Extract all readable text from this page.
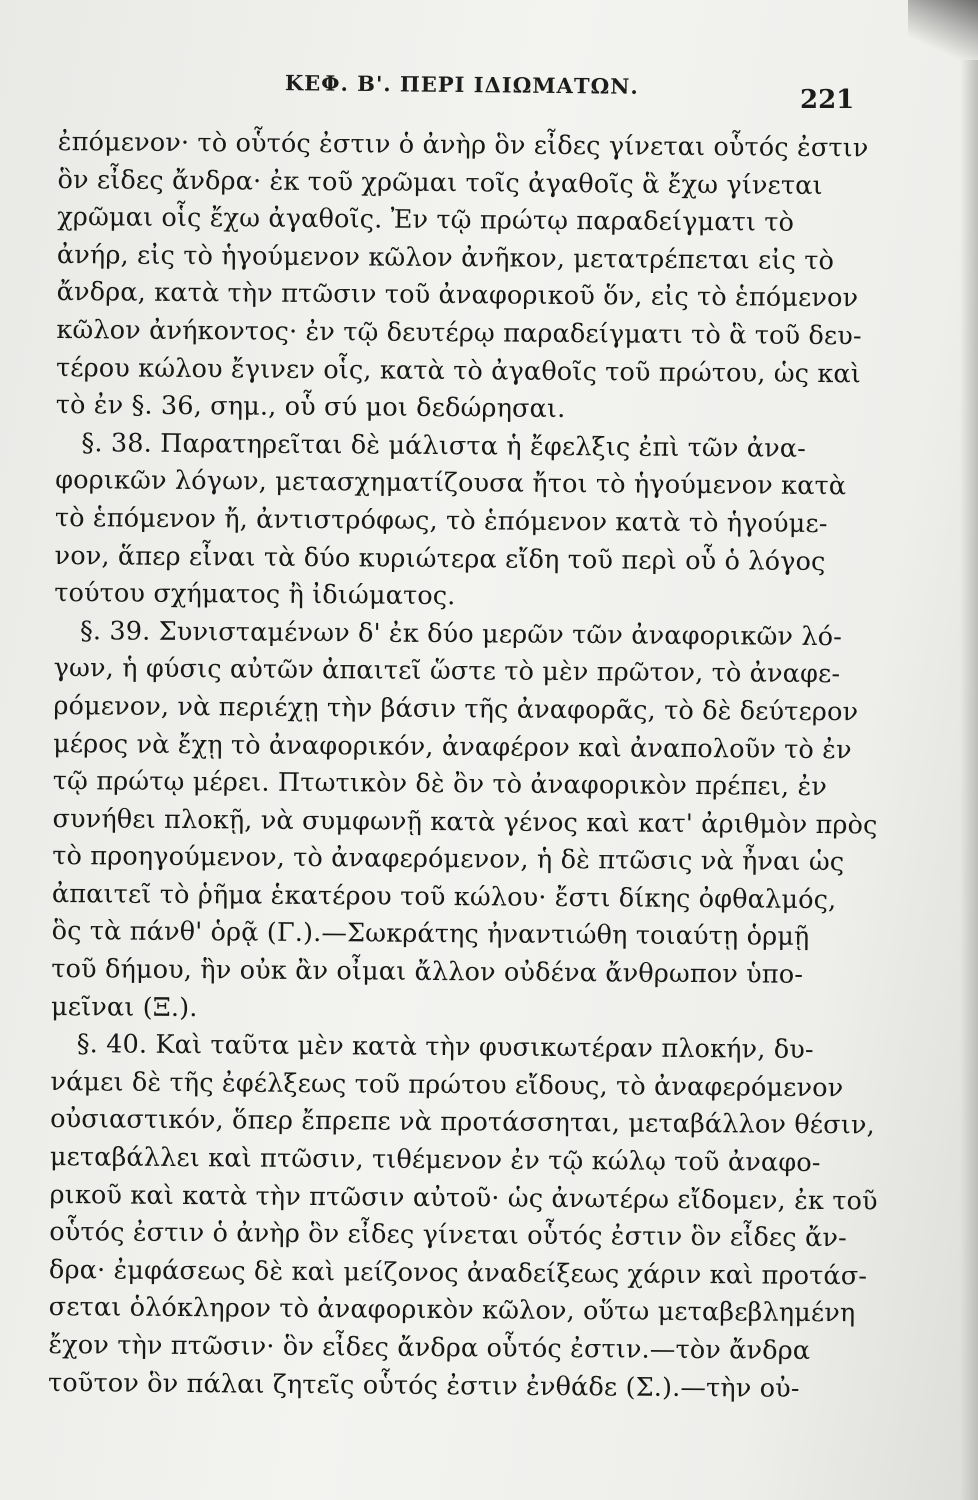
ΚΕΦ. Β'. ΠΕΡΙ ΙΔΙΩΜΑΤΩΝ.
221
ἐπόμενον· τὸ οὗτός ἐστιν ὁ ἀνὴρ ὃν εἶδες γίνεται οὗτός ἐστιν
ὃν εἶδες ἄνδρα· ἐκ τοῦ χρῶμαι τοῖς ἀγαθοῖς ἃ ἔχω γίνεται
χρῶμαι οἷς ἔχω ἀγαθοῖς. Ἐν τῷ πρώτῳ παραδείγματι τὸ
ἀνήρ, εἰς τὸ ἡγούμενον κῶλον ἀνῆκον, μετατρέπεται εἰς τὸ
ἄνδρα, κατὰ τὴν πτῶσιν τοῦ ἀναφορικοῦ ὅν, εἰς τὸ ἑπόμενον
κῶλον ἀνήκοντος· ἐν τῷ δευτέρῳ παραδείγματι τὸ ἃ τοῦ δευ-
τέρου κώλου ἔγινεν οἷς, κατὰ τὸ ἀγαθοῖς τοῦ πρώτου, ὡς καὶ
τὸ ἐν §. 36, σημ., οὗ σύ μοι δεδώρησαι.
§. 38. Παρατηρεῖται δὲ μάλιστα ἡ ἔφελξις ἐπὶ τῶν ἀνα-
φορικῶν λόγων, μετασχηματίζουσα ἤτοι τὸ ἡγούμενον κατὰ
τὸ ἑπόμενον ἤ, ἀντιστρόφως, τὸ ἑπόμενον κατὰ τὸ ἡγούμε-
νον, ἅπερ εἶναι τὰ δύο κυριώτερα εἴδη τοῦ περὶ οὗ ὁ λόγος
τούτου σχήματος ἢ ἰδιώματος.
§. 39. Συνισταμένων δ' ἐκ δύο μερῶν τῶν ἀναφορικῶν λό-
γων, ἡ φύσις αὐτῶν ἀπαιτεῖ ὥστε τὸ μὲν πρῶτον, τὸ ἀναφε-
ρόμενον, νὰ περιέχῃ τὴν βάσιν τῆς ἀναφορᾶς, τὸ δὲ δεύτερον
μέρος νὰ ἔχῃ τὸ ἀναφορικόν, ἀναφέρον καὶ ἀναπολοῦν τὸ ἐν
τῷ πρώτῳ μέρει. Πτωτικὸν δὲ ὂν τὸ ἀναφορικὸν πρέπει, ἐν
συνήθει πλοκῇ, νὰ συμφωνῇ κατὰ γένος καὶ κατ' ἀριθμὸν πρὸς
τὸ προηγούμενον, τὸ ἀναφερόμενον, ἡ δὲ πτῶσις νὰ ἦναι ὡς
ἀπαιτεῖ τὸ ῥῆμα ἑκατέρου τοῦ κώλου· ἔστι δίκης ὀφθαλμός,
ὃς τὰ πάνθ' ὁρᾷ (Γ.).—Σωκράτης ἠναντιώθη τοιαύτῃ ὁρμῇ
τοῦ δήμου, ἣν οὐκ ἂν οἶμαι ἄλλον οὐδένα ἄνθρωπον ὑπο-
μεῖναι (Ξ.).
§. 40. Καὶ ταῦτα μὲν κατὰ τὴν φυσικωτέραν πλοκήν, δυ-
νάμει δὲ τῆς ἐφέλξεως τοῦ πρώτου εἴδους, τὸ ἀναφερόμενον
οὐσιαστικόν, ὅπερ ἔπρεπε νὰ προτάσσηται, μεταβάλλον θέσιν,
μεταβάλλει καὶ πτῶσιν, τιθέμενον ἐν τῷ κώλῳ τοῦ ἀναφο-
ρικοῦ καὶ κατὰ τὴν πτῶσιν αὐτοῦ· ὡς ἀνωτέρω εἴδομεν, ἐκ τοῦ
οὗτός ἐστιν ὁ ἀνὴρ ὃν εἶδες γίνεται οὗτός ἐστιν ὃν εἶδες ἄν-
δρα· ἐμφάσεως δὲ καὶ μείζονος ἀναδείξεως χάριν καὶ προτάσ-
σεται ὁλόκληρον τὸ ἀναφορικὸν κῶλον, οὕτω μεταβεβλημένη
ἔχον τὴν πτῶσιν· ὃν εἶδες ἄνδρα οὗτός ἐστιν.—τὸν ἄνδρα
τοῦτον ὃν πάλαι ζητεῖς οὗτός ἐστιν ἐνθάδε (Σ.).—τὴν οὐ-
